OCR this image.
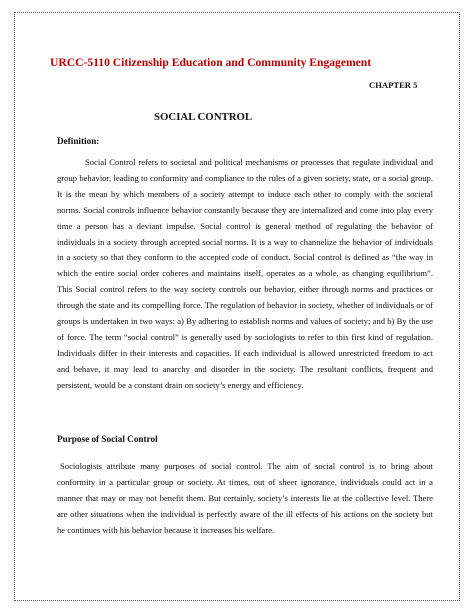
URCC-5110 Citizenship Education and Community Engagement
CHAPTER 5
SOCIAL CONTROL
Definition:
Social Control refers to societal and political mechanisms or processes that regulate individual and group behavior, leading to conformity and compliance to the rules of a given society, state, or a social group. It is the mean by which members of a society attempt to induce each other to comply with the societal norms. Social controls influence behavior constantly because they are internalized and come into play every time a person has a deviant impulse. Social control is general method of regulating the behavior of individuals in a society through accepted social norms. It is a way to channelize the behavior of individuals in a society so that they conform to the accepted code of conduct. Social control is defined as “the way in which the entire social order coheres and maintains itself, operates as a whole, as changing equilibrium”. This Social control refers to the way society controls our behavior, either through norms and practices or through the state and its compelling force. The regulation of behavior in society, whether of individuals or of groups is undertaken in two ways: a) By adhering to establish norms and values of society; and b) By the use of force. The term “social control” is generally used by sociologists to refer to this first kind of regulation. Individuals differ in their interests and capacities. If each individual is allowed unrestricted freedom to act and behave, it may lead to anarchy and disorder in the society. The resultant conflicts, frequent and persistent, would be a constant drain on society’s energy and efficiency.
Purpose of Social Control
Sociologists attribute many purposes of social control. The aim of social control is to bring about conformity in a particular group or society. At times, out of sheer ignorance, individuals could act in a manner that may or may not benefit them. But certainly, society’s interests lie at the collective level. There are other situations when the individual is perfectly aware of the ill effects of his actions on the society but he continues with his behavior because it increases his welfare.
